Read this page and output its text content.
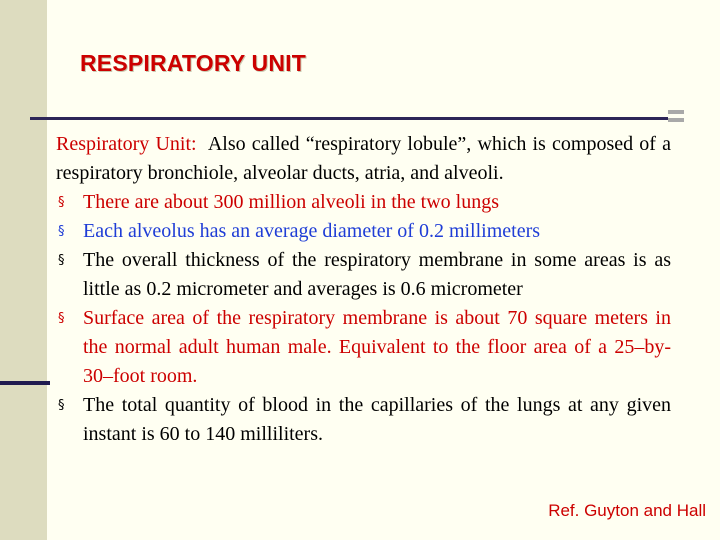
RESPIRATORY UNIT
Respiratory Unit:  Also called “respiratory lobule”, which is composed of a respiratory bronchiole, alveolar ducts, atria, and alveoli.
§ There are about 300 million alveoli in the two lungs
§ Each alveolus has an average diameter of 0.2 millimeters
§ The overall thickness of the respiratory membrane in some areas is as little as 0.2 micrometer and averages is 0.6 micrometer
§ Surface area of the respiratory membrane is about 70 square meters in the normal adult human male. Equivalent to the floor area of a 25–by-30–foot room.
§ The total quantity of blood in the capillaries of the lungs at any given instant is 60 to 140 milliliters.
Ref. Guyton and Hall
